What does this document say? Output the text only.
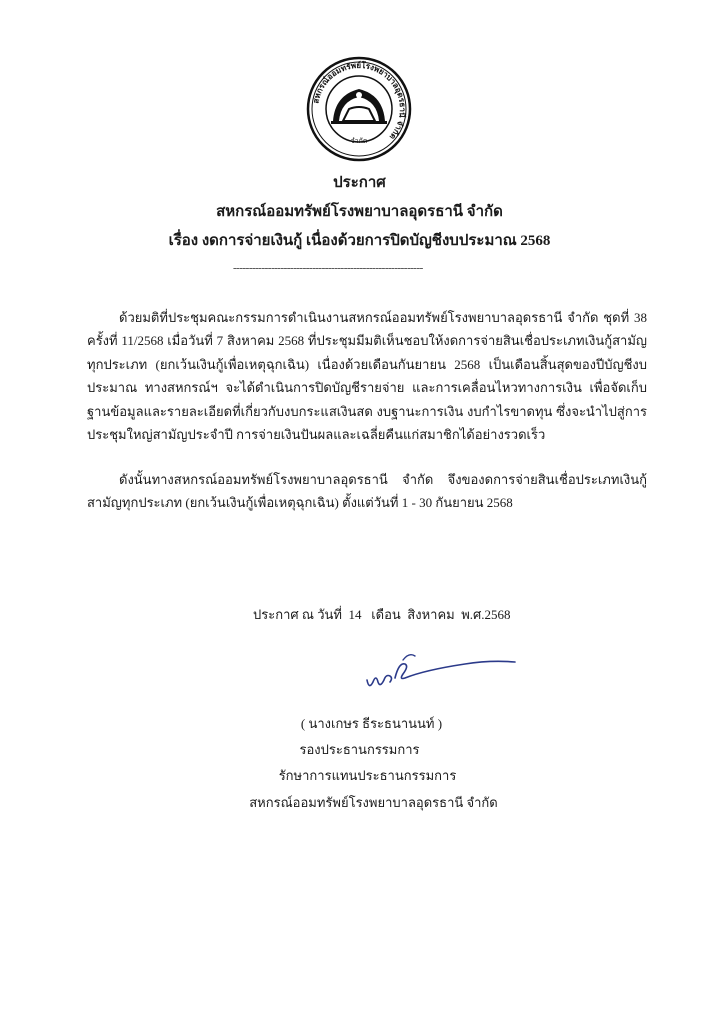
สหกรณ์ออมทรัพย์โรงพยาบาลอุดรธานี จำกัด
จำกัด
ประกาศ
สหกรณ์ออมทรัพย์โรงพยาบาลอุดรธานี จำกัด
เรื่อง งดการจ่ายเงินกู้ เนื่องด้วยการปิดบัญชีงบประมาณ 2568
------------------------------------------------------------
ด้วยมติที่ประชุมคณะกรรมการดำเนินงานสหกรณ์ออมทรัพย์โรงพยาบาลอุดรธานี จำกัด ชุดที่ 38 ครั้งที่ 11/2568 เมื่อวันที่ 7 สิงหาคม 2568 ที่ประชุมมีมติเห็นชอบให้งดการจ่ายสินเชื่อประเภทเงินกู้สามัญทุกประเภท (ยกเว้นเงินกู้เพื่อเหตุฉุกเฉิน) เนื่องด้วยเดือนกันยายน 2568 เป็นเดือนสิ้นสุดของปีบัญชีงบประมาณ ทางสหกรณ์ฯ จะได้ดำเนินการปิดบัญชีรายจ่าย และการเคลื่อนไหวทางการเงิน เพื่อจัดเก็บฐานข้อมูลและรายละเอียดที่เกี่ยวกับงบกระแสเงินสด งบฐานะการเงิน งบกำไรขาดทุน ซึ่งจะนำไปสู่การประชุมใหญ่สามัญประจำปี การจ่ายเงินปันผลและเฉลี่ยคืนแก่สมาชิกได้อย่างรวดเร็ว
ดังนั้นทางสหกรณ์ออมทรัพย์โรงพยาบาลอุดรธานี จำกัด จึงของดการจ่ายสินเชื่อประเภทเงินกู้สามัญทุกประเภท (ยกเว้นเงินกู้เพื่อเหตุฉุกเฉิน) ตั้งแต่วันที่ 1 - 30 กันยายน 2568
ประกาศ ณ วันที่  14   เดือน  สิงหาคม  พ.ศ.2568
( นางเกษร ธีระธนานนท์ )
รองประธานกรรมการ
รักษาการแทนประธานกรรมการ
สหกรณ์ออมทรัพย์โรงพยาบาลอุดรธานี จำกัด
